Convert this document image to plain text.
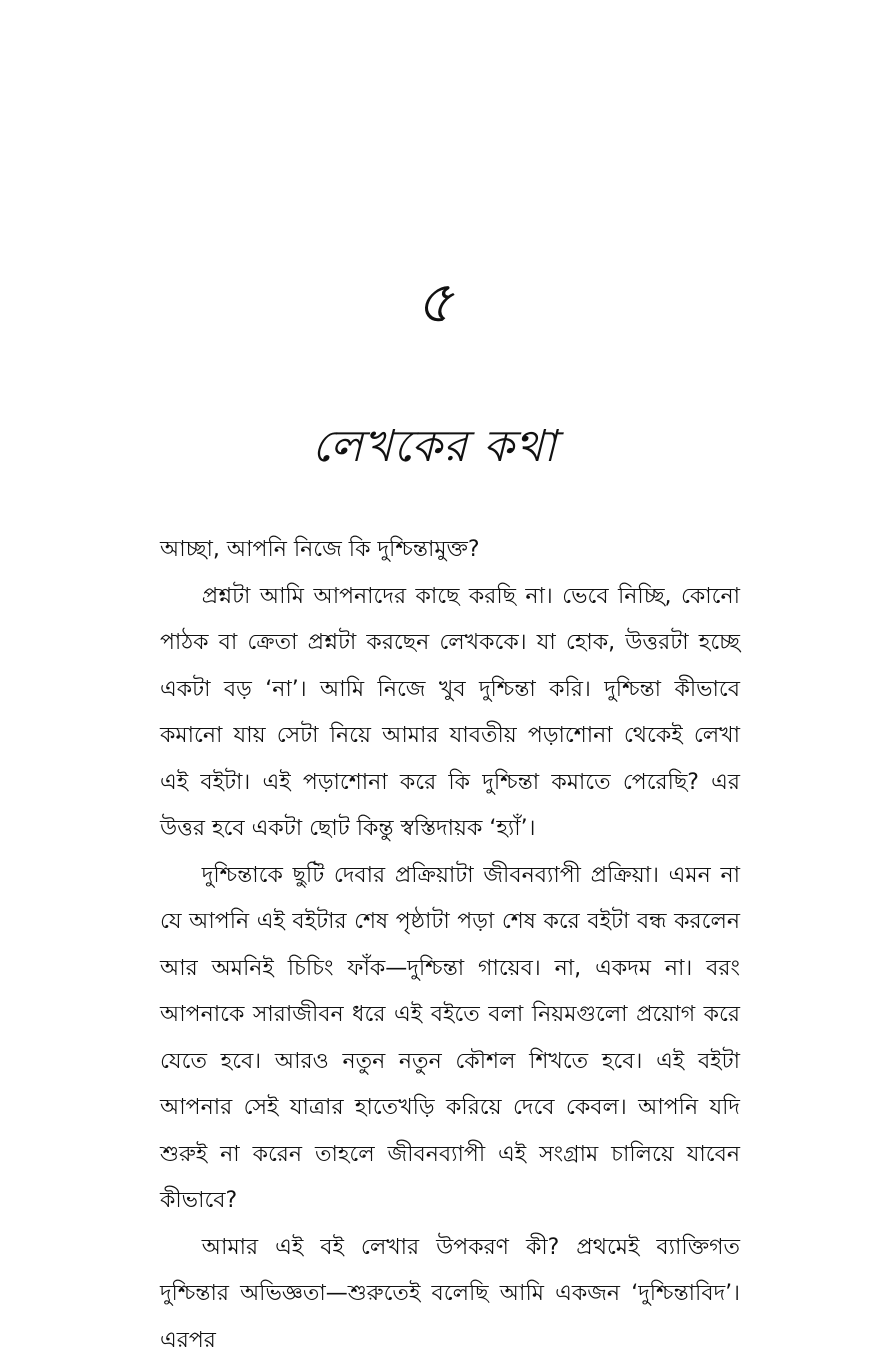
৫
লেখকের কথা

আচ্ছা, আপনি নিজে কি দুশ্চিন্তামুক্ত?

প্রশ্নটা আমি আপনাদের কাছে করছি না। ভেবে নিচ্ছি, কোনো পাঠক বা ক্রেতা প্রশ্নটা করছেন লেখককে। যা হোক, উত্তরটা হচ্ছে একটা বড় ‘না’। আমি নিজে খুব দুশ্চিন্তা করি। দুশ্চিন্তা কীভাবে কমানো যায় সেটা নিয়ে আমার যাবতীয় পড়াশোনা থেকেই লেখা এই বইটা। এই পড়াশোনা করে কি দুশ্চিন্তা কমাতে পেরেছি? এর উত্তর হবে একটা ছোট কিন্তু স্বস্তিদায়ক ‘হ্যাঁ’।

দুশ্চিন্তাকে ছুটি দেবার প্রক্রিয়াটা জীবনব্যাপী প্রক্রিয়া। এমন না যে আপনি এই বইটার শেষ পৃষ্ঠাটা পড়া শেষ করে বইটা বন্ধ করলেন আর অমনিই চিচিং ফাঁক—দুশ্চিন্তা গায়েব। না, একদম না। বরং আপনাকে সারাজীবন ধরে এই বইতে বলা নিয়মগুলো প্রয়োগ করে যেতে হবে। আরও নতুন নতুন কৌশল শিখতে হবে। এই বইটা আপনার সেই যাত্রার হাতেখড়ি করিয়ে দেবে কেবল। আপনি যদি শুরুই না করেন তাহলে জীবনব্যাপী এই সংগ্রাম চালিয়ে যাবেন কীভাবে?

আমার এই বই লেখার উপকরণ কী? প্রথমেই ব্যাক্তিগত দুশ্চিন্তার অভিজ্ঞতা—শুরুতেই বলেছি আমি একজন ‘দুশ্চিন্তাবিদ’। এরপর
